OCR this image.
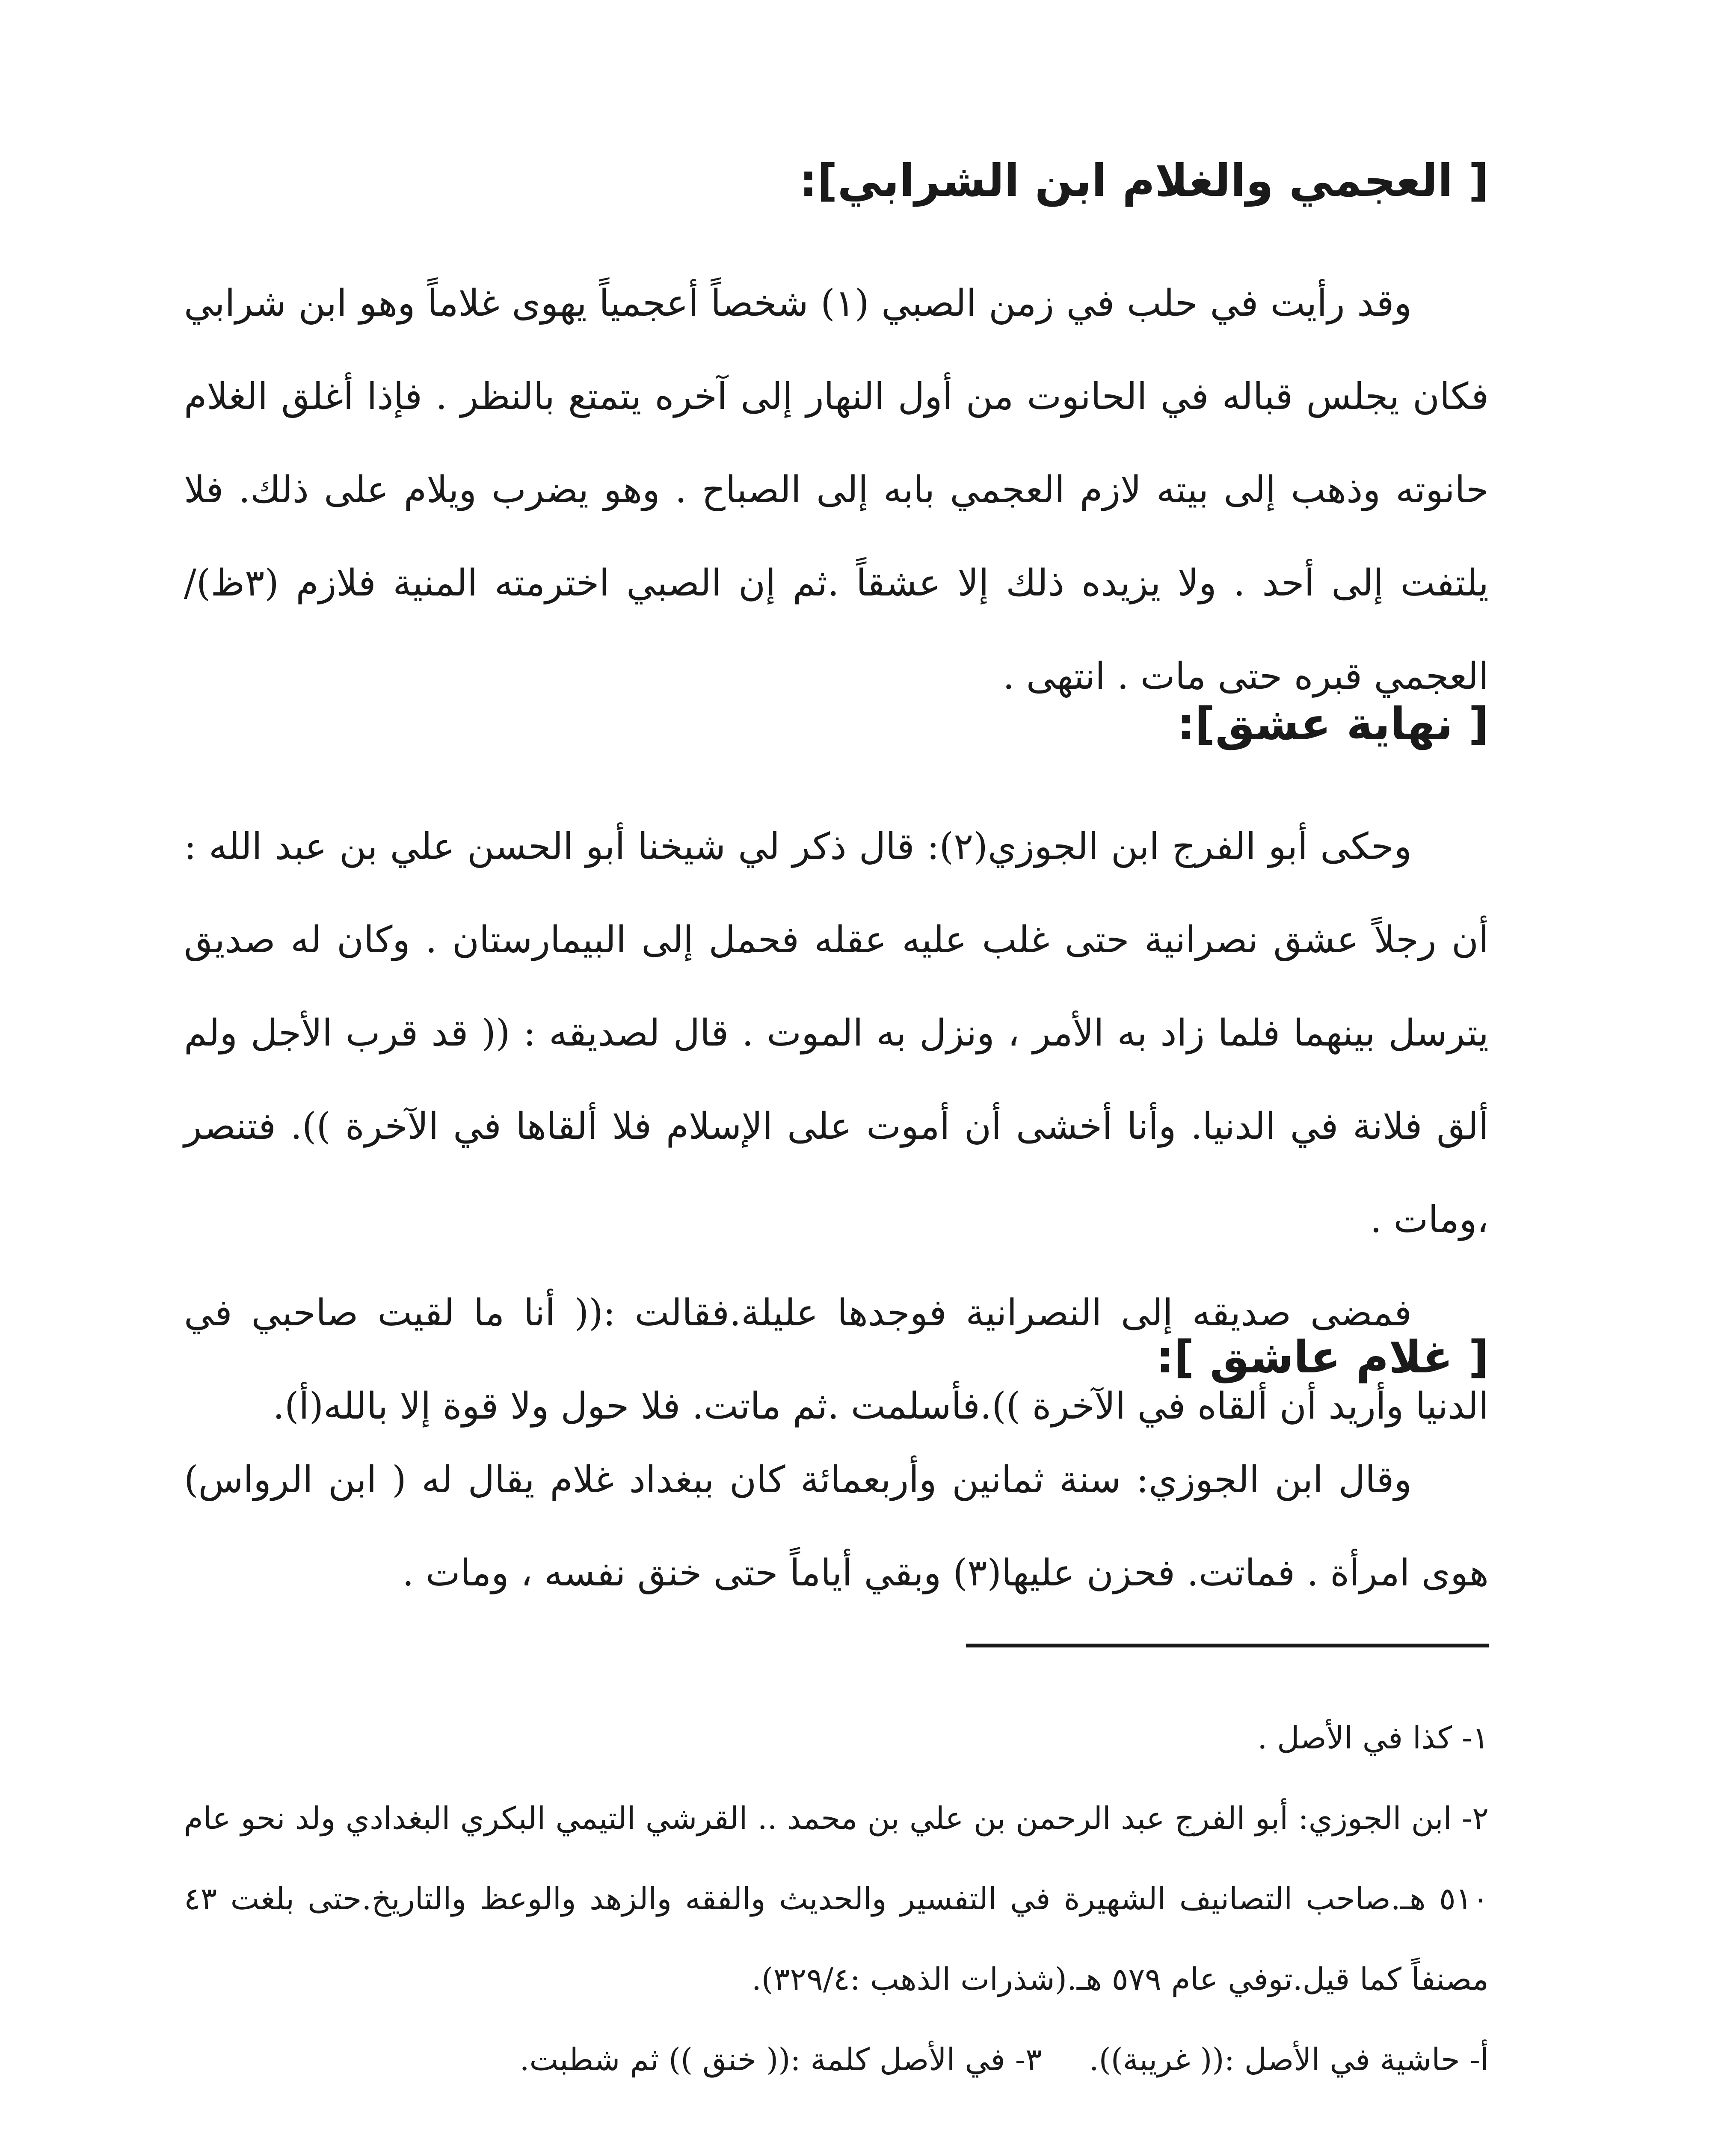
[ العجمي والغلام ابن الشرابي]:

وقد رأيت في حلب في زمن الصبي (١) شخصاً أعجمياً يهوى غلاماً وهو ابن شرابي فكان يجلس قباله في الحانوت من أول النهار إلى آخره يتمتع بالنظر . فإذا أغلق الغلام حانوته وذهب إلى بيته لازم العجمي بابه إلى الصباح . وهو يضرب ويلام على ذلك. فلا يلتفت إلى أحد . ولا يزيده ذلك إلا عشقاً .ثم إن الصبي اخترمته المنية فلازم (٣ظ)/العجمي قبره حتى مات . انتهى .

[ نهاية عشق]:

وحكى أبو الفرج ابن الجوزي(٢): قال ذكر لي شيخنا أبو الحسن علي بن عبد الله : أن رجلاً عشق نصرانية حتى غلب عليه عقله فحمل إلى البيمارستان . وكان له صديق يترسل بينهما فلما زاد به الأمر ، ونزل به الموت . قال لصديقه : (( قد قرب الأجل ولم ألق فلانة في الدنيا. وأنا أخشى أن أموت على الإسلام فلا ألقاها في الآخرة )). فتنصر ،ومات .

فمضى صديقه إلى النصرانية فوجدها عليلة.فقالت :(( أنا ما لقيت صاحبي في الدنيا وأريد أن ألقاه في الآخرة )).فأسلمت .ثم ماتت. فلا حول ولا قوة إلا بالله(أ).

[ غلام عاشق ]:

وقال ابن الجوزي: سنة ثمانين وأربعمائة كان ببغداد غلام يقال له ( ابن الرواس) هوى امرأة . فماتت. فحزن عليها(٣) وبقي أياماً حتى خنق نفسه ، ومات .

١- كذا في الأصل .

٢- ابن الجوزي: أبو الفرج عبد الرحمن بن علي بن محمد .. القرشي التيمي البكري البغدادي ولد نحو عام ٥١٠ هـ.صاحب التصانيف الشهيرة في التفسير والحديث والفقه والزهد والوعظ والتاريخ.حتى بلغت ٤٣ مصنفاً كما قيل.توفي عام ٥٧٩ هـ.(شذرات الذهب :٣٢٩/٤).

أ- حاشية في الأصل :(( غريبة)).
٣- في الأصل كلمة :(( خنق )) ثم شطبت.
